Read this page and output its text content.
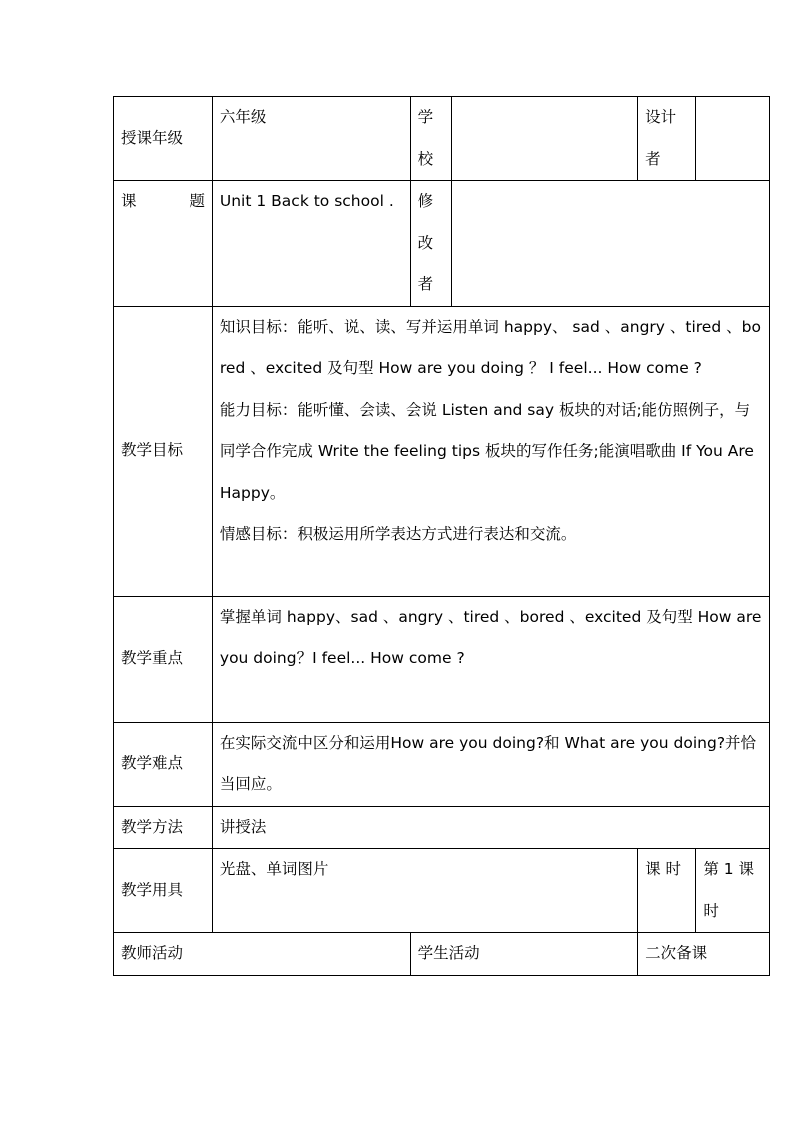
授课年级	六年级	学校		设计者	

课 题	Unit 1 Back to school .	修改者			
教学目标	知识目标：能听、说、读、写并运用单词 happy、 sad 、angry 、tired 、bored 、excited 及句型 How are you doing ？ I feel... How come ?
能力目标：能听懂、会读、会说 Listen and say 板块的对话;能仿照例子，与同学合作完成 Write the feeling tips 板块的写作任务;能演唱歌曲 If You Are Happy。
情感目标：积极运用所学表达方式进行表达和交流。				

教学重点	掌握单词 happy、sad 、angry 、tired 、bored 、excited 及句型 How are you doing？I feel... How come ?				
教学难点	在实际交流中区分和运用How are you doing?和 What are you doing?并恰当回应。				
教学方法	讲授法				
教学用具	光盘、单词图片			课 时	第 1 课时
教师活动		学生活动		二次备课	
